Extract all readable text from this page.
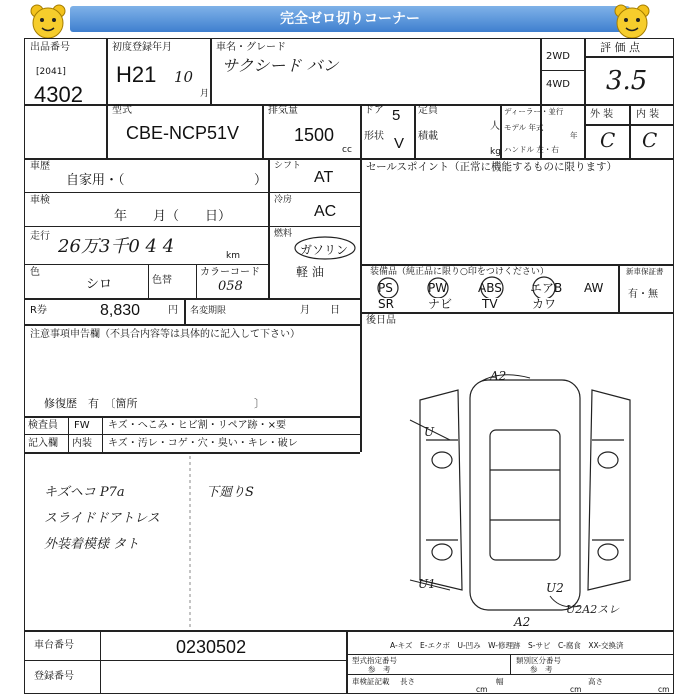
完全ゼロ切りコーナー
出品番号
[2041]
4302
初度登録年月
H21 10
月
車名・グレード
サクシード バン	2WD
4WD
評 価 点
3.5
型式
CBE-NCP51V
排気量
1500
cc
ドア 5
形状 V
定員
人
積載
kg
ディーラー・並行
モデル 年式
年
ハンドル 左・右
外 装 内 装
C C
車歴
自家用・（	）
車検
年　　月（　　日）
走行 26万3千0 4 4	km
色
シロ	色替
カラーコード
058
R券	8,830	円 名変期限	月　　日
シフト
AT
冷房
AC
燃料
ガソリン
軽 油
セールスポイント（正常に機能するものに限ります）
装備品（純正品に限り○印をつけください）
PS	PW	ABS エアB AW
SR	ナビ TV	カワ
新車保証書
有・無
後日品
注意事項申告欄（不具合内容等は具体的に記入して下さい）
修復歴　有　〔箇所	〕
検査員
記入欄
FW キズ・へこみ・ヒビ割・リペア跡・×要
内装 キズ・汚レ・コゲ・穴・臭い・キレ・破レ
キズヘコ P7a
スライドドアトレス
外装着模様 タト
下廻りS
A2
U
U1	U2
U2A2スレ
A2
車台番号	0230502
登録番号
A-キズ　E-エクボ　U-凹み　W-修理跡　S-サビ　C-腐食　XX-交換済
型式指定番号
参　考
類別区分番号
参　考
車検証記載 長さ
cm
幅
cm
高さ
cm
